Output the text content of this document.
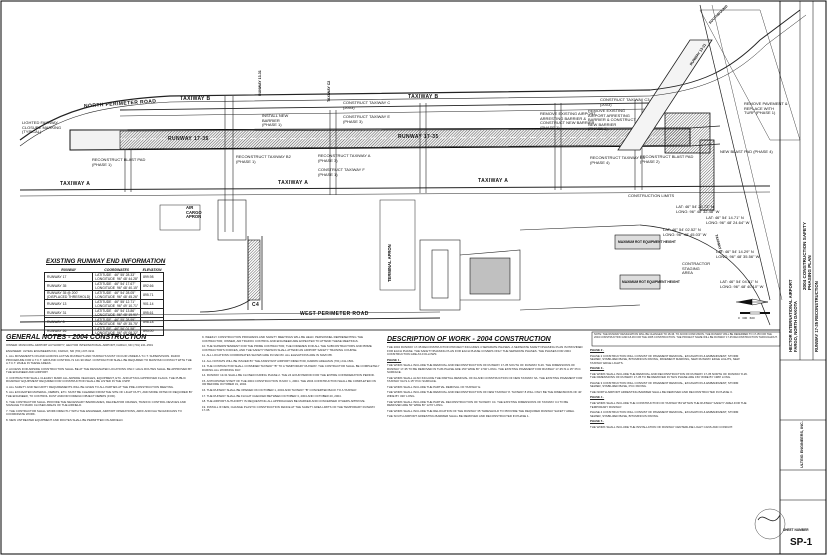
NORTH PERIMETER ROAD	TAXIWAY B	TAXIWAY B
RUNWAY 17-35	RUNWAY 17-35
TAXIWAY A	TAXIWAY A	TAXIWAY A
WEST PERIMETER ROAD
C4
RUNWAY 13-31	TAXIWAY C2
RUNWAY 13-31
SOUTHBOUND
TAXIWAY C
LIGHTED FAIRWAY
CLOSURE MARKING
(TYPICAL)
RECONSTRUCT BLAST PAD
(PHASE 1)
RECONSTRUCT BLAST PAD
(PHASE 2)
INSTALL NEW
BARRIER
(PHASE 1)
CONSTRUCT TAXIWAY C
(2003)
CONSTRUCT TAXIWAY E
(PHASE 3)
CONSTRUCT TAXIWAY F
(PHASE 1)
REMOVE EXISTING AIRPORT
ARRESTING BARRIER &
CONSTRUCT NEW BARRIER
(PHASE 1)
RECONSTRUCT TAXIWAY B2
(PHASE 1)
RECONSTRUCT TAXIWAY A
(PHASE 3)
REMOVE EXISTING
AIRPORT ARRESTING
BARRIER & CONSTRUCT
NEW BARRIER
(PHASE 2)
RECONSTRUCT TAXIWAY B3
(PHASE 4)
REMOVE PAVEMENT &
REPLACE WITH
TURF (PHASE 1)
NEW BLAST PAD (PHASE 4)
CONSTRUCTION LIMITS
CONSTRUCT TAXIWAY C3
(2003)
MAXIMUM ROT EQUIPMENT HEIGHT
MAXIMUM ROT EQUIPMENT HEIGHT
CONTRACTOR
STAGING
AREA
AIR
CARGO
APRON
TERMINAL APRON
LAT: 46° 54' 20.73" N
LONG: 96° 48' 32.48" W
LAT: 46° 54' 02.52" N
LONG: 96° 48' 45.03" W
LAT: 46° 54' 14.71" N
LONG: 96° 48' 24.64" W
LAT: 46° 54' 14.29" N
LONG: 96° 48' 35.56" W
LAT: 46° 54' 04.51" N
LONG: 96° 48' 40.10" W
EXISTING RUNWAY END INFORMATION
RUNWAY	COORDINATES	ELEVATION
RUNWAY 17	LATITUDE   46° 55' 28.33"
LONGITUDE  96° 48' 44.28"	899.98
RUNWAY 35	LATITUDE   46° 54' 17.67"
LONGITUDE  96° 48' 40.15"	892.66
RUNWAY 35 @ 200'
(DISPLACED THRESHOLD)	LATITUDE   46° 54' 28.05"
LONGITUDE  96° 48' 45.26"	895.71
RUNWAY 13	LATITUDE   46° 55' 12.71"
LONGITUDE  96° 49' 10.71"	901.14
RUNWAY 31	LATITUDE   46° 54' 13.86"
LONGITUDE  96° 48' 19.91"	895.61
RUNWAY 8	LATITUDE   46° 55' 28.99"
LONGITUDE  96° 49' 35.75"	898.18
RUNWAY 26	LATITUDE   46° 56' 01.58"
LONGITUDE  96° 49' 08.32"	895.00
GENERAL NOTES - 2004 CONSTRUCTION

OWNER: MUNICIPAL AIRPORT AUTHORITY, HECTOR INTERNATIONAL AIRPORT, FARGO, ND (701) 241-1501

ENGINEER: ULTEIG ENGINEERS INC, FARGO, ND (701) 237-3211

1. ALL MOVEMENTS ON AND ACROSS ACTIVE RUNWAYS AND TAXIWAYS MUST OCCUR UNDER A.T.C.T. SUPERVISION. RADIO PROCEDURE FOR A.T.C.T. GROUND CONTROL IS 121.90 MHZ. CONTRACTOR SHALL BE REQUIRED TO MAINTAIN CONTACT WITH THE A.T.C.T. WHILE IN THESE AREAS.

2. ACCESS FOR AIRSIDE CONSTRUCTION SHALL BE AT THE DESIGNATED LOCATIONS ONLY. HAUL ROUTES SHALL BE APPROVED BY THE ENGINEER AND AIRPORT.

3. CONTRACTOR SHALL CLEARLY MARK ALL AIRSIDE VEHICLES, EQUIPMENT, ETC. AND ATTACH APPROVED FLAGS. THE PUBLIC ROADWAY EQUIPMENT REQUIRED FOR CONSTRUCTION SHALL BE LISTED IN THE CSPP.

4. ALL SAFETY AND SECURITY REQUIREMENTS WILL BE GIVEN TO ALL PARTIES AT THE PRE-CONSTRUCTION MEETING.

5. ALL EXCAVATED MATERIAL, DEBRIS, ETC. MUST BE CLEARED FROM THE SITE OF LIGHT DUTY, AND MORE OFTEN IF REQUIRED BY THE ENGINEER, TO CONTROL DUST AND/OR FOREIGN OBJECT DEBRIS (FOD).

6. THE CONTRACTOR SHALL PROVIDE THE NECESSARY BARRICADES, DELINEATOR CRANES, TRAFFIC CONTROL DEVICES AND SIGNAGE TO MARK CLOSED AREAS OF THE AIRFIELD.

7. THE CONTRACTOR SHALL WORK DIRECTLY WITH THE ENGINEER, AIRPORT OPERATIONS, ARFF AND FAA TECHNICIANS TO COORDINATE WORK.

8. NEW UNTREATED EQUIPMENT AND ROUTES SHALL BE PERMITTED ON AIRFIELD.

9. WEEKLY CONSTRUCTION PROGRESS AND SAFETY MEETINGS WILL BE HELD. PERSONNEL REPRESENTING THE CONTRACTOR, OWNER, AIR TRAFFIC CONTROL AND ENGINEER ARE EXPECTED TO ATTEND THESE MEETINGS.

10. THE SUPERINTENDENT FOR THE PRIME CONTRACTOR, THE FOREMEN FOR ALL THE SUBCONTRACTORS AND PRIME CONTRACTOR'S FORCES, AND THE SAFETY PERSON SHALL ATTEND AN AIRPORT SAFETY TRAINING COURSE.

11. ALL LOCATIONS COORDINATES SHOWN ARE IN NAD 83. ALL ELEVATIONS ARE IN NAVD 88.

12. ALL NOTAM'S WILL BE ISSUED BY THE ASSISTANT AIRPORT DIRECTOR, DARRIN ADELMAN (701) 241-1501.

13. THE CONTRACTOR SHALL CONSIDER TAXIWAY "B" TO A TEMPORARY RUNWAY. THE CONTRACTOR SHALL BE COMPLETELY DURING ALL WORKING DAY.

14. RUNWAY 13-31 SHALL BE CLOSED DURING PHASE 2. THE 24 HOUR PERIOD FOR THE ENTIRE CONSIDERATION PERIOD.

15. ANTICIPATED START OF THE 2004 CONSTRUCTION IS MAY 1, 2004. THE 2004 CONSTRUCTION SHALL BE COMPLETED ON OR BEFORE OCTOBER 31, 2004.

16. THE RUNWAY SHALL BE OPENED ON OCTOBER 1, 2004 AND TAXIWAY "B" CONVERTED BACK TO A TAXIWAY.

17. THE RUNWAY SHALL BE FLIGHT CHECKED BETWEEN OCTOBER 3, 2004 AND OCTOBER 20, 2004.

18. THE AIRPORT AUTHORITY IS REQUESTING ALL APPROACHES BE MARKED AND CONCERNED OTHERS APPROVE.

19. INSTALL IF NEW, CHANGE PLASTIC CONSTRUCTION FENCE AT THE SAFETY AREA LIMITS OF THE TEMPORARY RUNWAY 17-35.

DESCRIPTION OF WORK - 2004 CONSTRUCTION

THE 2004 RUNWAY 17-35 RECONSTRUCTION PROJECT INCLUDES 4 SEPARATE PHASES. A SEPARATE SAFETY/PHASING PLAN IS PROVIDED FOR EACH PHASE. THE SAFETY/PHASING PLAN FOR EACH PHASE COVERS ONLY THE SEPARATE PHASES. THE PHASES FOR 2004 CONSTRUCTION ARE AS FOLLOWS:

PHASE 1 -

THE WORK SHALL INCLUDE THE REMOVAL AND RECONSTRUCTION OF RUNWAY 17-35 SOUTH OF RUNWAY 8-26. THE DIMENSIONS OF RUNWAY 17-35 TO BE REMOVED IN THIS PHASE ARE 150' WIDE BY 1740' LONG. THE EXISTING PAVEMENT FOR RUNWAY 17-35 IS A 15" PCC SURFACE.

THE WORK SHALL ALSO INCLUDE THE PARTIAL REMOVAL OF 6A AND CONSTRUCTION OF NEW TAXIWAY 6A. THE EXISTING PAVEMENT FOR TAXIWAY 6A IS A 15" PCC SURFACE.

THE WORK SHALL INCLUDE THE PARTIAL REMOVAL OF TAXIWAY E.

THE WORK SHALL INCLUDE THE REMOVAL AND RECONSTRUCTION OF NEW TAXIWAY 8. TAXIWAY 8 WILL ONLY BE THE DIMENSIONS OF 40' WIDE BY 320' LONG.

THE WORK SHALL INCLUDE THE PARTIAL RECONSTRUCTION OF TAXIWAY C4. THE EXISTING DIMENSIONS OF TAXIWAY C4 TO BE REMOVED ARE 50' WIDE BY 1270' LONG.

THE WORK SHALL INCLUDE THE RELOCATION OF THE RUNWAY 35 THRESHOLD TO PROVIDE THE REQUIRED RUNWAY SAFETY AREA.

THE SOUTH AIRPORT ARRESTING BARRIER SHALL BE REMOVED AND RECONSTRUCTED IN PHASE 1.

NOTE: THE RUNWAY DESIGNATION WILL BE CHANGED TO 18-36. TO AVOID CONFUSION, THE RUNWAY WILL BE REFERRED TO 17-35 FOR THE 2004 CONSTRUCTION AND 18-36 FOR THE 2005 CONSTRUCTION. THE PROJECT NAME WILL BE RUNWAY 17-35 RECONSTRUCTION THROUGHOUT.

PHASE 2 -

PHASE 2 CONSTRUCTION WILL CONSIST OF PAVEMENT REMOVAL, EXCAVATION & EMBANKMENT, STORM SEWER, STABILIZED BASE, BITUMINOUS PAVING, PAVEMENT MARKING, NEW RUNWAY EDGE LIGHTS, NEW TAXIWAY EDGE LIGHTS.

PHASE 3 -

THE WORK SHALL INCLUDE THE REMOVAL AND RECONSTRUCTION OF RUNWAY 17-35 NORTH OF RUNWAY 8-26. THE DIMENSIONS OF RUNWAY 17-35 TO BE REMOVED IN THIS PHASE ARE 150' WIDE BY 1980' LONG.

PHASE 3 CONSTRUCTION WILL CONSIST OF PAVEMENT REMOVAL, EXCAVATION & EMBANKMENT, STORM SEWER, STABILIZED BASE, PCC PAVING.

THE NORTH AIRPORT ARRESTING BARRIER SHALL BE REMOVED AND RECONSTRUCTED IN PHASE 3.

PHASE 4 -

THE WORK SHALL INCLUDE THE CONSTRUCTION OF TAXIWAY B3 WITHIN THE RUNWAY SAFETY AREA FOR THE TEMPORARY RUNWAY.

PHASE 4 CONSTRUCTION WILL CONSIST OF PAVEMENT REMOVAL, EXCAVATION & EMBANKMENT, STORM SEWER, STABILIZED BASE, BITUMINOUS PAVING.

PHASE 5 -

THE WORK SHALL INCLUDE THE INSTALLATION OF RUNWAY CENTERLINE LIGHT CANS AND CONDUIT.

2004 CONSTRUCTION SAFETY
PHASING PLAN
HECTOR INTERNATIONAL AIRPORT
FARGO, NORTH DAKOTA	RUNWAY 17-35 RECONSTRUCTION
ULTEIG ENGINEERS, INC.
SHEET NUMBER
SP-1
0   300   600
